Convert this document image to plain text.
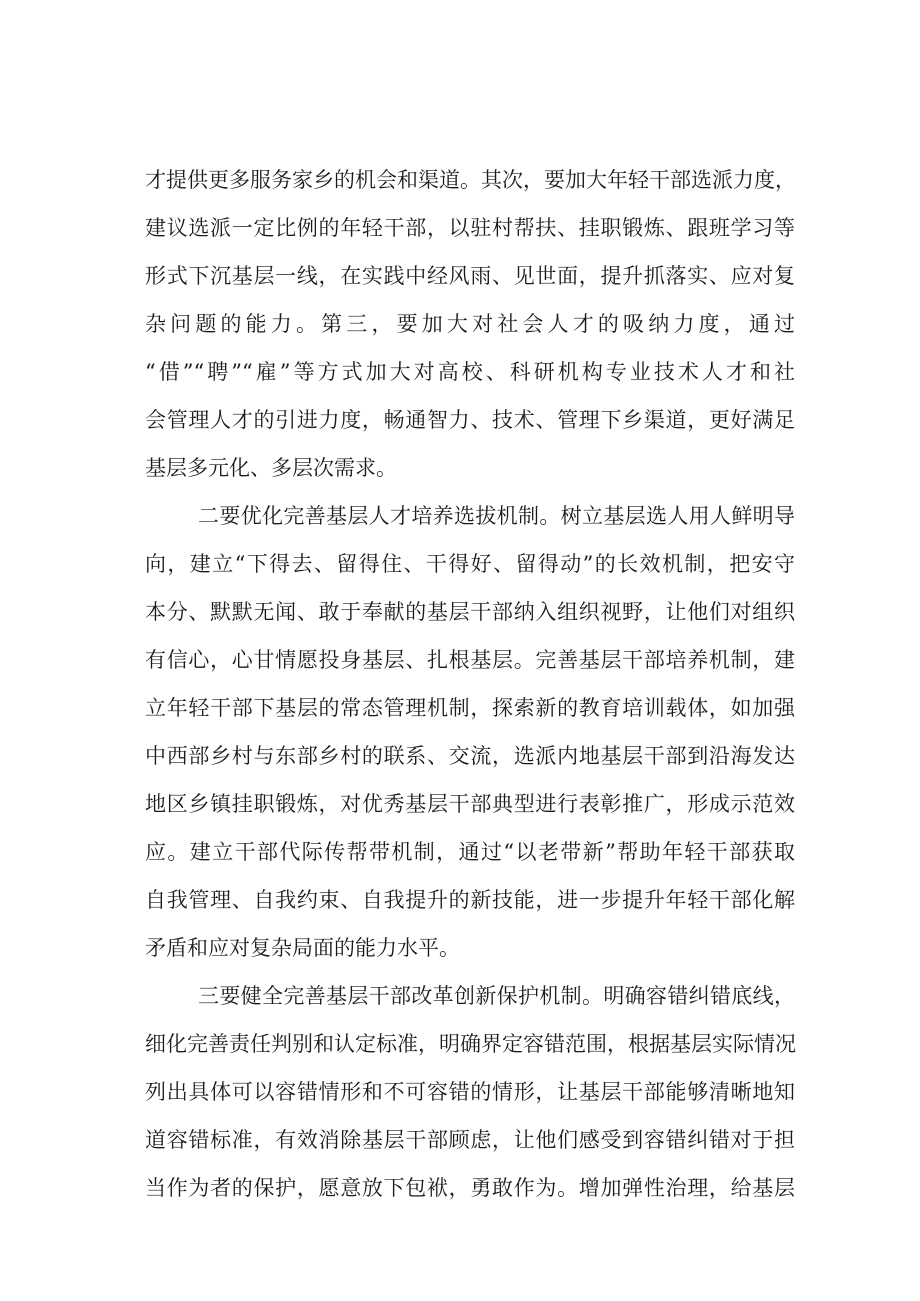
才提供更多服务家乡的机会和渠道。其次，要加大年轻干部选派力度，
建议选派一定比例的年轻干部，以驻村帮扶、挂职锻炼、跟班学习等
形式下沉基层一线，在实践中经风雨、见世面，提升抓落实、应对复
杂问题的能力。第三，要加大对社会人才的吸纳力度，通过
“借”“聘”“雇”等方式加大对高校、科研机构专业技术人才和社
会管理人才的引进力度，畅通智力、技术、管理下乡渠道，更好满足
基层多元化、多层次需求。
二要优化完善基层人才培养选拔机制。树立基层选人用人鲜明导
向，建立“下得去、留得住、干得好、留得动”的长效机制，把安守
本分、默默无闻、敢于奉献的基层干部纳入组织视野，让他们对组织
有信心，心甘情愿投身基层、扎根基层。完善基层干部培养机制，建
立年轻干部下基层的常态管理机制，探索新的教育培训载体，如加强
中西部乡村与东部乡村的联系、交流，选派内地基层干部到沿海发达
地区乡镇挂职锻炼，对优秀基层干部典型进行表彰推广，形成示范效
应。建立干部代际传帮带机制，通过“以老带新”帮助年轻干部获取
自我管理、自我约束、自我提升的新技能，进一步提升年轻干部化解
矛盾和应对复杂局面的能力水平。
三要健全完善基层干部改革创新保护机制。明确容错纠错底线，
细化完善责任判别和认定标准，明确界定容错范围，根据基层实际情况
列出具体可以容错情形和不可容错的情形，让基层干部能够清晰地知
道容错标准，有效消除基层干部顾虑，让他们感受到容错纠错对于担
当作为者的保护，愿意放下包袱，勇敢作为。增加弹性治理，给基层
